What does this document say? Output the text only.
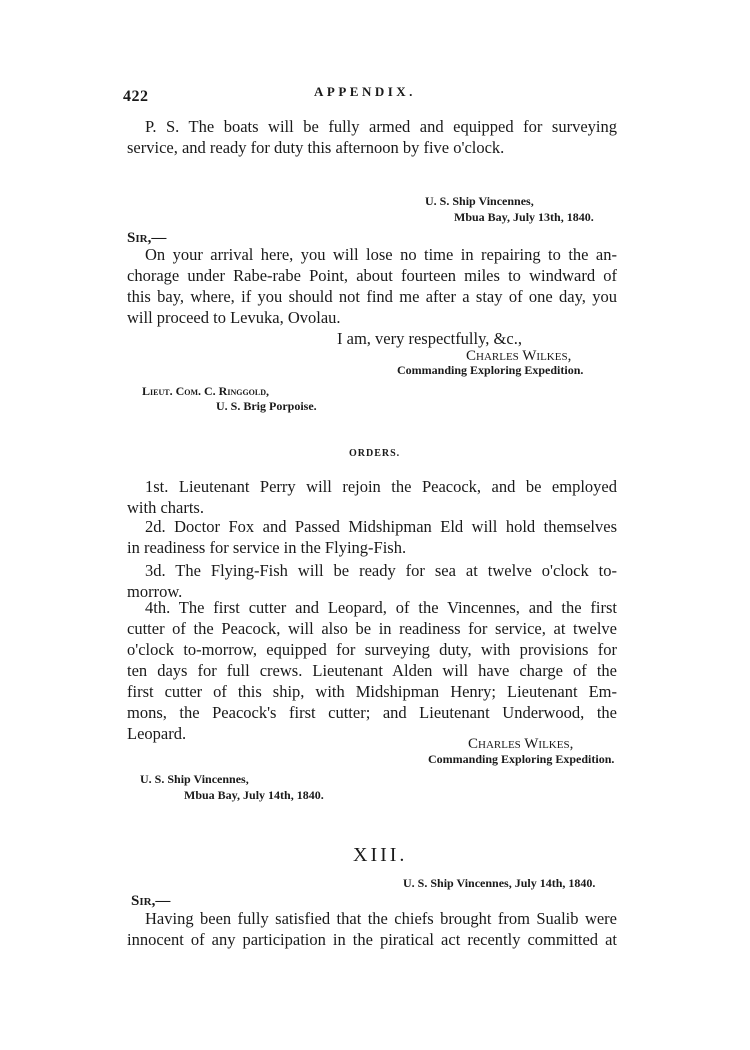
422	APPENDIX.
P. S. The boats will be fully armed and equipped for surveying
service, and ready for duty this afternoon by five o'clock.
U. S. Ship Vincennes,
Mbua Bay, July 13th, 1840.
Sir,—
On your arrival here, you will lose no time in repairing to the an-
chorage under Rabe-rabe Point, about fourteen miles to windward of
this bay, where, if you should not find me after a stay of one day, you
will proceed to Levuka, Ovolau.
I am, very respectfully, &c.,
Charles Wilkes,
Commanding Exploring Expedition.
Lieut. Com. C. Ringgold,
U. S. Brig Porpoise.
ORDERS.
1st. Lieutenant Perry will rejoin the Peacock, and be employed
with charts.
2d. Doctor Fox and Passed Midshipman Eld will hold themselves
in readiness for service in the Flying-Fish.
3d. The Flying-Fish will be ready for sea at twelve o'clock to-
morrow.
4th. The first cutter and Leopard, of the Vincennes, and the first
cutter of the Peacock, will also be in readiness for service, at twelve
o'clock to-morrow, equipped for surveying duty, with provisions for
ten days for full crews. Lieutenant Alden will have charge of the
first cutter of this ship, with Midshipman Henry; Lieutenant Em-
mons, the Peacock's first cutter; and Lieutenant Underwood, the
Leopard.
Charles Wilkes,
Commanding Exploring Expedition.
U. S. Ship Vincennes,
Mbua Bay, July 14th, 1840.
XIII.
U. S. Ship Vincennes, July 14th, 1840.
Sir,—
Having been fully satisfied that the chiefs brought from Sualib were
innocent of any participation in the piratical act recently committed at
